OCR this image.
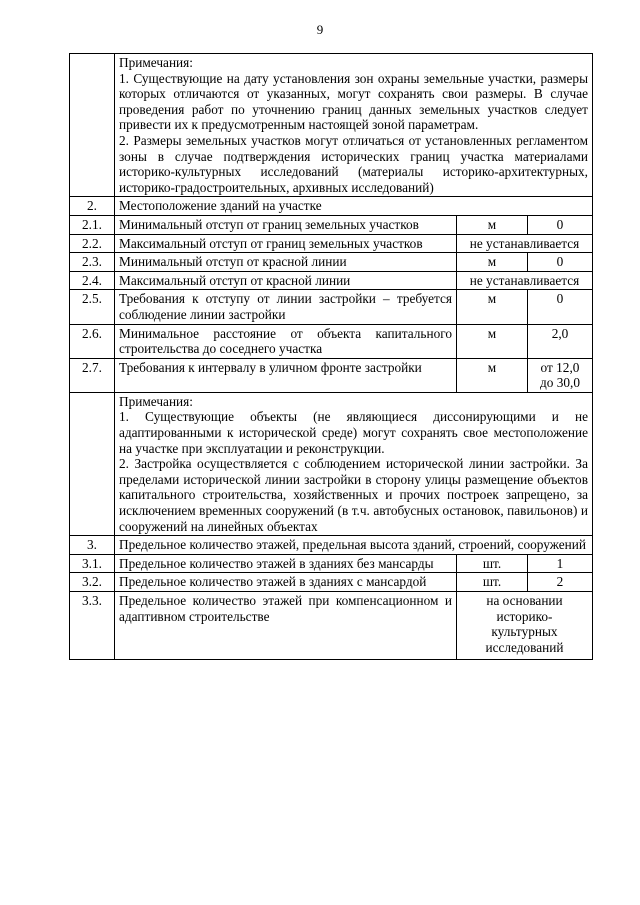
9

	Примечания:
1. Существующие на дату установления зон охраны земельные участки, размеры которых отличаются от указанных, могут сохранять свои размеры. В случае проведения работ по уточнению границ данных земельных участков следует привести их к предусмотренным настоящей зоной параметрам.
2. Размеры земельных участков могут отличаться от установленных регламентом зоны в случае подтверждения исторических границ участка материалами историко-культурных исследований (материалы историко-архитектурных, историко-градостроительных, архивных исследований)		

2.	Местоположение зданий на участке		
2.1.	Минимальный отступ от границ земельных участков	м	0
2.2.	Максимальный отступ от границ земельных участков	не устанавливается	
2.3.	Минимальный отступ от красной линии	м	0
2.4.	Максимальный отступ от красной линии	не устанавливается	
2.5.	Требования к отступу от линии застройки – требуется соблюдение линии застройки	м	0
2.6.	Минимальное расстояние от объекта капитального строительства до соседнего участка	м	2,0
2.7.	Требования к интервалу в уличном фронте застройки	м	от 12,0
до 30,0

	Примечания:
1. Существующие объекты (не являющиеся диссонирующими и не адаптированными к исторической среде) могут сохранять свое местоположение на участке при эксплуатации и реконструкции.
2. Застройка осуществляется с соблюдением исторической линии застройки. За пределами исторической линии застройки в сторону улицы размещение объектов капитального строительства, хозяйственных и прочих построек запрещено, за исключением временных сооружений (в т.ч. автобусных остановок, павильонов) и сооружений на линейных объектах		

3.	Предельное количество этажей, предельная высота зданий, строений, сооружений		

3.1.	Предельное количество этажей в зданиях без мансарды	шт.	1
3.2.	Предельное количество этажей в зданиях с мансардой	шт.	2
3.3.	Предельное количество этажей при компенсационном и адаптивном строительстве	на основании историко-культурных исследований	
